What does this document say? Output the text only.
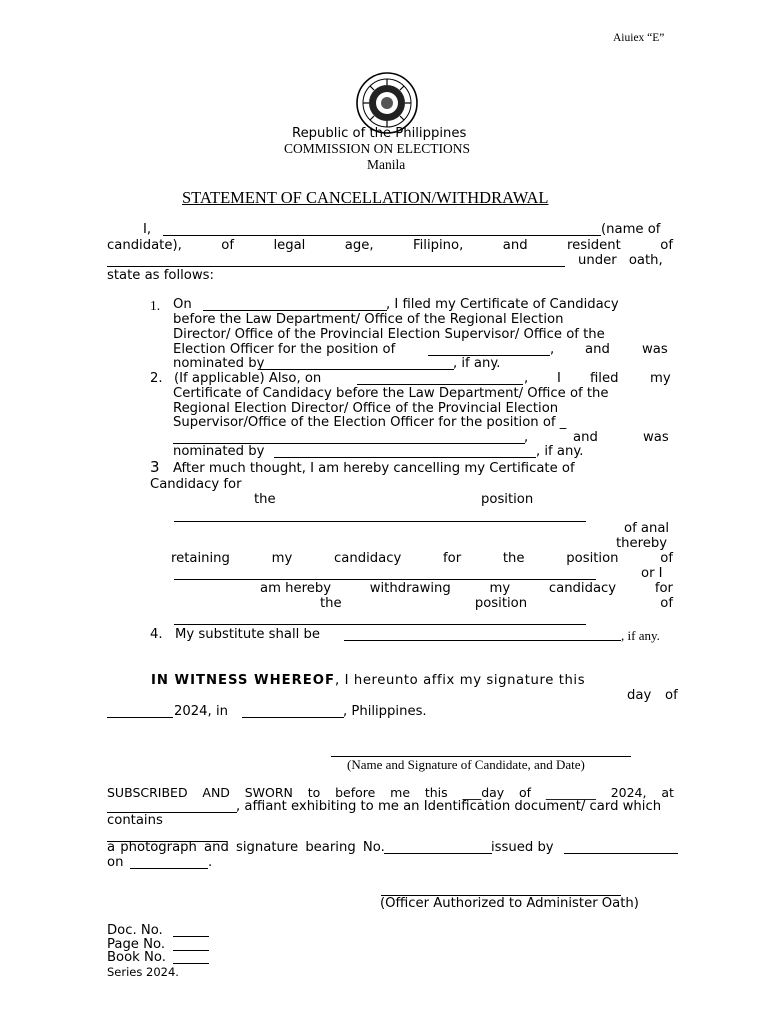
Aiuiex “E”
Republic of the Philippines
COMMISSION ON ELECTIONS
Manila
STATEMENT OF CANCELLATION/WITHDRAWAL
I,	(name of
candidate),	of	legal	age,	Filipino,	and	resident	of
under oath,
state as follows:
1. On	, I filed my Certificate of Candidacy
before the Law Department/ Office of the Regional Election
Director/ Office of the Provincial Election Supervisor/ Office of the
Election Officer for the position of	, and was
nominated by	, if any.
2. (If applicable) Also, on	, I filed my
Certificate of Candidacy before the Law Department/ Office of the
Regional Election Director/ Office of the Provincial Election
Supervisor/Office of the Election Officer for the position of _
,	and	was
nominated by	, if any.
3 After much thought, I am hereby cancelling my Certificate of
Candidacy for
the	position
of anal
thereby
retaining	my	candidacy	for	the	position	of
or I
am hereby	withdrawing	my	candidacy	for
the	position	of
4. My substitute shall be	, if any.
IN WITNESS WHEREOF, I hereunto affix my signature this
day of
2024, in	, Philippines.
(Name and Signature of Candidate, and Date)
SUBSCRIBED AND SWORN to before me this ___day of ________ 2024, at
, affiant exhibiting to me an Identification document/ card which
contains
a photograph and signature bearing No.	issued by
on	.
(Officer Authorized to Administer Oath)
Doc. No.
Page No.
Book No.
Series 2024.
